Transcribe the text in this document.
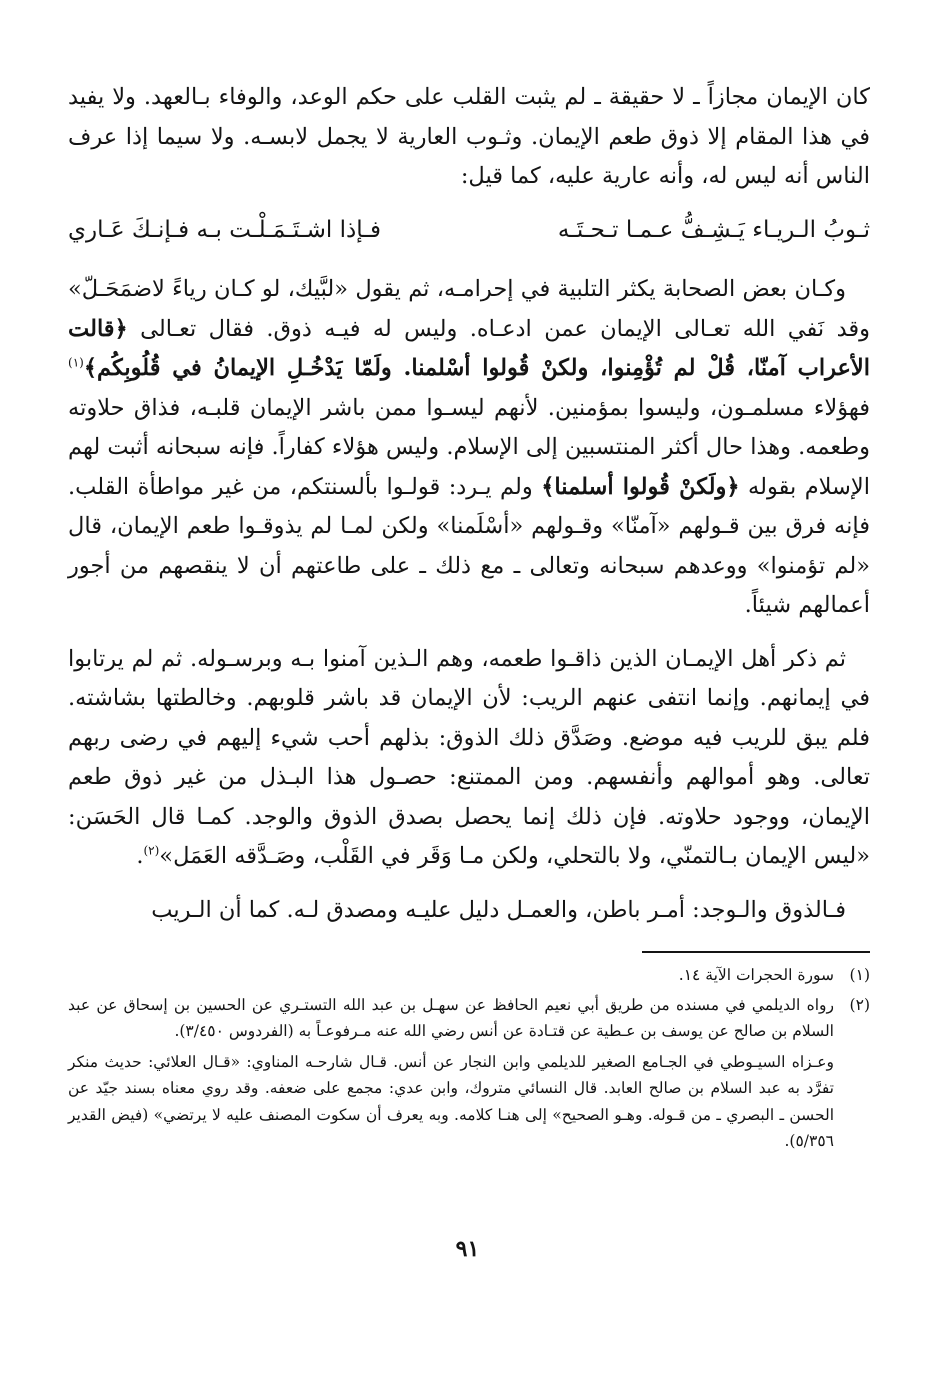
كان الإيمان مجازاً ـ لا حقيقة ـ لم يثبت القلب على حكم الوعد، والوفاء بـالعهد. ولا يفيد في هذا المقام إلا ذوق طعم الإيمان. وثـوب العارية لا يجمل لابسـه. ولا سيما إذا عرف الناس أنه ليس له، وأنه عارية عليه، كما قيل:

ثـوبُ الـريـاء يَـشِـفُّ عـمـا تـحـتَـه
فـإذا اشـتَـمَـلْـت بـه فـإنـكَ عَـاري

وكـان بعض الصحابة يكثر التلبية في إحرامـه، ثم يقول «لبَّيك، لو كـان رياءً لاضمَحَـلّ» وقد نَفي الله تعـالى الإيمان عمن ادعـاه. وليس له فيـه ذوق. فقال تعـالى ﴿قالت الأعراب آمنّا، قُلْ لم تُؤْمِنوا، ولكنْ قُولوا أسْلمنا. ولَمّا يَدْخُـلِ الإيمانُ في قُلُوبِكُم﴾$^{(١)}$ فهؤلاء مسلمـون، وليسوا بمؤمنين. لأنهم ليسـوا ممن باشر الإيمان قلبـه، فذاق حلاوته وطعمه. وهذا حال أكثر المنتسبين إلى الإسلام. وليس هؤلاء كفاراً. فإنه سبحانه أثبت لهم الإسلام بقوله ﴿ولَكنْ قُولوا أسلمنا﴾ ولم يـرد: قولـوا بألسنتكم، من غير مواطأة القلب. فإنه فرق بين قـولهم «آمنّا» وقـولهم «أسْلَمنا» ولكن لمـا لم يذوقـوا طعم الإيمان، قال «لم تؤمنوا» ووعدهم سبحانه وتعالى ـ مع ذلك ـ على طاعتهم أن لا ينقصهم من أجور أعمالهم شيئاً.

ثم ذكر أهل الإيمـان الذين ذاقـوا طعمه، وهم الـذين آمنوا بـه وبرسـوله. ثم لم يرتابوا في إيمانهم. وإنما انتفى عنهم الريب: لأن الإيمان قد باشر قلوبهم. وخالطتها بشاشته. فلم يبق للريب فيه موضع. وصَدَّق ذلك الذوق: بذلهم أحب شيء إليهم في رضى ربهم تعالى. وهو أموالهم وأنفسهم. ومن الممتنع: حصـول هذا البـذل من غير ذوق طعم الإيمان، ووجود حلاوته. فإن ذلك إنما يحصل بصدق الذوق والوجد. كمـا قال الحَسَن: «ليس الإيمان بـالتمنّي، ولا بالتحلي، ولكن مـا وَقَر في القَلْب، وصَـدَّقه العَمَل»$^{(٢)}$.

فـالذوق والـوجد: أمـر باطن، والعمـل دليل عليـه ومصدق لـه. كما أن الـريب

(١)
سورة الحجرات الآية ١٤.
(٢)
رواه الديلمي في مسنده من طريق أبي نعيم الحافظ عن سهـل بن عبد الله التستـري عن الحسين بن إسحاق عن عبد السلام بن صالح عن يوسف بن عـطية عن قتـادة عن أنس رضي الله عنه مـرفوعـاً به (الفردوس ٣/٤٥٠).
وعـزاه السيـوطي في الجـامع الصغير للديلمي وابن النجار عن أنس. قـال شارحـه المناوي: «قـال العلائي: حديث منكر تفرَّد به عبد السلام بن صالح العابد. قال النسائي متروك، وابن عدي: مجمع على ضعفه. وقد روي معناه بسند جيّد عن الحسن ـ البصري ـ من قـوله. وهـو الصحيح» إلى هنـا كلامه. وبه يعرف أن سكوت المصنف عليه لا يرتضي» (فيض القدير ٥/٣٥٦).
٩١
